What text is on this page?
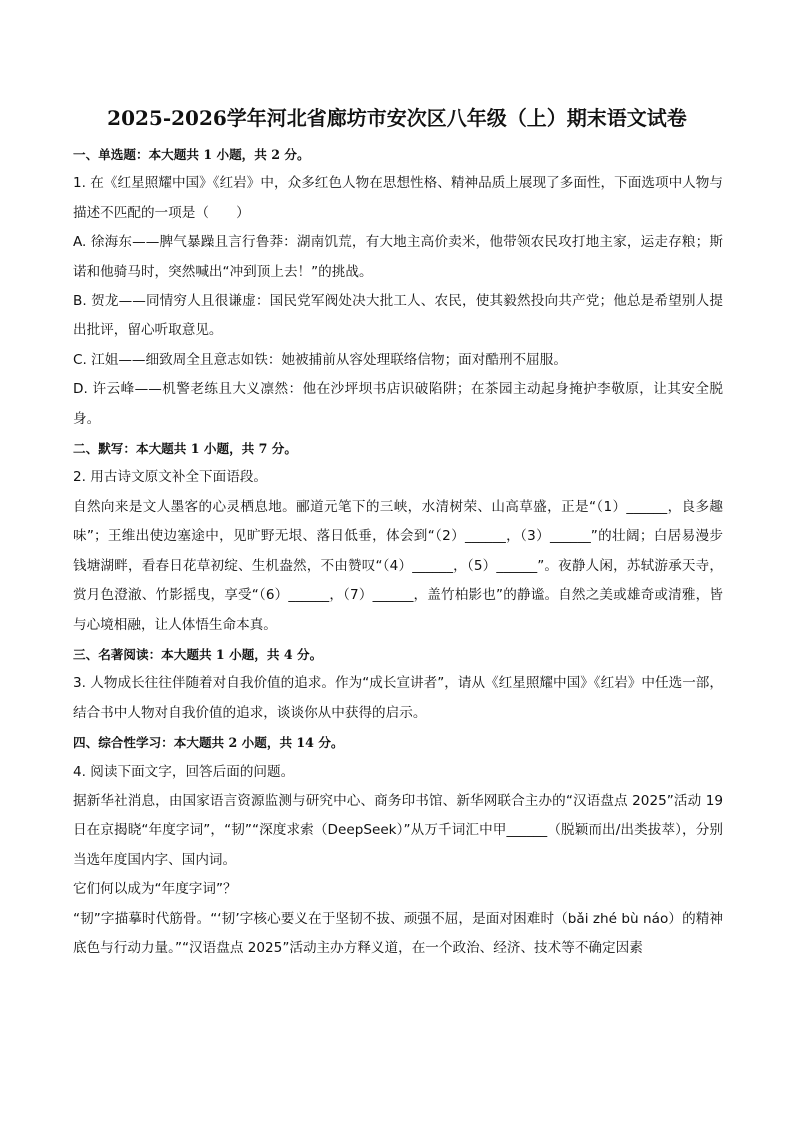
2025-2026学年河北省廊坊市安次区八年级（上）期末语文试卷
一、单选题：本大题共 1 小题，共 2 分。

1. 在《红星照耀中国》《红岩》中，众多红色人物在思想性格、精神品质上展现了多面性，下面选项中人物与描述不匹配的一项是（　　）

A. 徐海东——脾气暴躁且言行鲁莽：湖南饥荒，有大地主高价卖米，他带领农民攻打地主家，运走存粮；斯诺和他骑马时，突然喊出“冲到顶上去！”的挑战。

B. 贺龙——同情穷人且很谦虚：国民党军阀处决大批工人、农民，使其毅然投向共产党；他总是希望别人提出批评，留心听取意见。

C. 江姐——细致周全且意志如铁：她被捕前从容处理联络信物；面对酷刑不屈服。

D. 许云峰——机警老练且大义凛然：他在沙坪坝书店识破陷阱；在茶园主动起身掩护李敬原，让其安全脱身。

二、默写：本大题共 1 小题，共 7 分。

2. 用古诗文原文补全下面语段。

自然向来是文人墨客的心灵栖息地。郦道元笔下的三峡，水清树荣、山高草盛，正是“（1）______，良多趣味”；王维出使边塞途中，见旷野无垠、落日低垂，体会到“（2）______，（3）______”的壮阔；白居易漫步钱塘湖畔，看春日花草初绽、生机盎然，不由赞叹“（4）______，（5）______”。夜静人闲，苏轼游承天寺，赏月色澄澈、竹影摇曳，享受“（6）______，（7）______，盖竹柏影也”的静谧。自然之美或雄奇或清雅，皆与心境相融，让人体悟生命本真。

三、名著阅读：本大题共 1 小题，共 4 分。

3. 人物成长往往伴随着对自我价值的追求。作为“成长宣讲者”，请从《红星照耀中国》《红岩》中任选一部，结合书中人物对自我价值的追求，谈谈你从中获得的启示。

四、综合性学习：本大题共 2 小题，共 14 分。

4. 阅读下面文字，回答后面的问题。

据新华社消息，由国家语言资源监测与研究中心、商务印书馆、新华网联合主办的“汉语盘点 2025”活动 19 日在京揭晓“年度字词”，“韧”“深度求索（DeepSeek）”从万千词汇中甲______（脱颖而出/出类拔萃），分别当选年度国内字、国内词。

它们何以成为“年度字词”？

“韧”字描摹时代筋骨。“‘韧’字核心要义在于坚韧不拔、顽强不屈，是面对困难时（bǎi zhé bù náo）的精神底色与行动力量。”“汉语盘点 2025”活动主办方释义道，在一个政治、经济、技术等不确定因素
